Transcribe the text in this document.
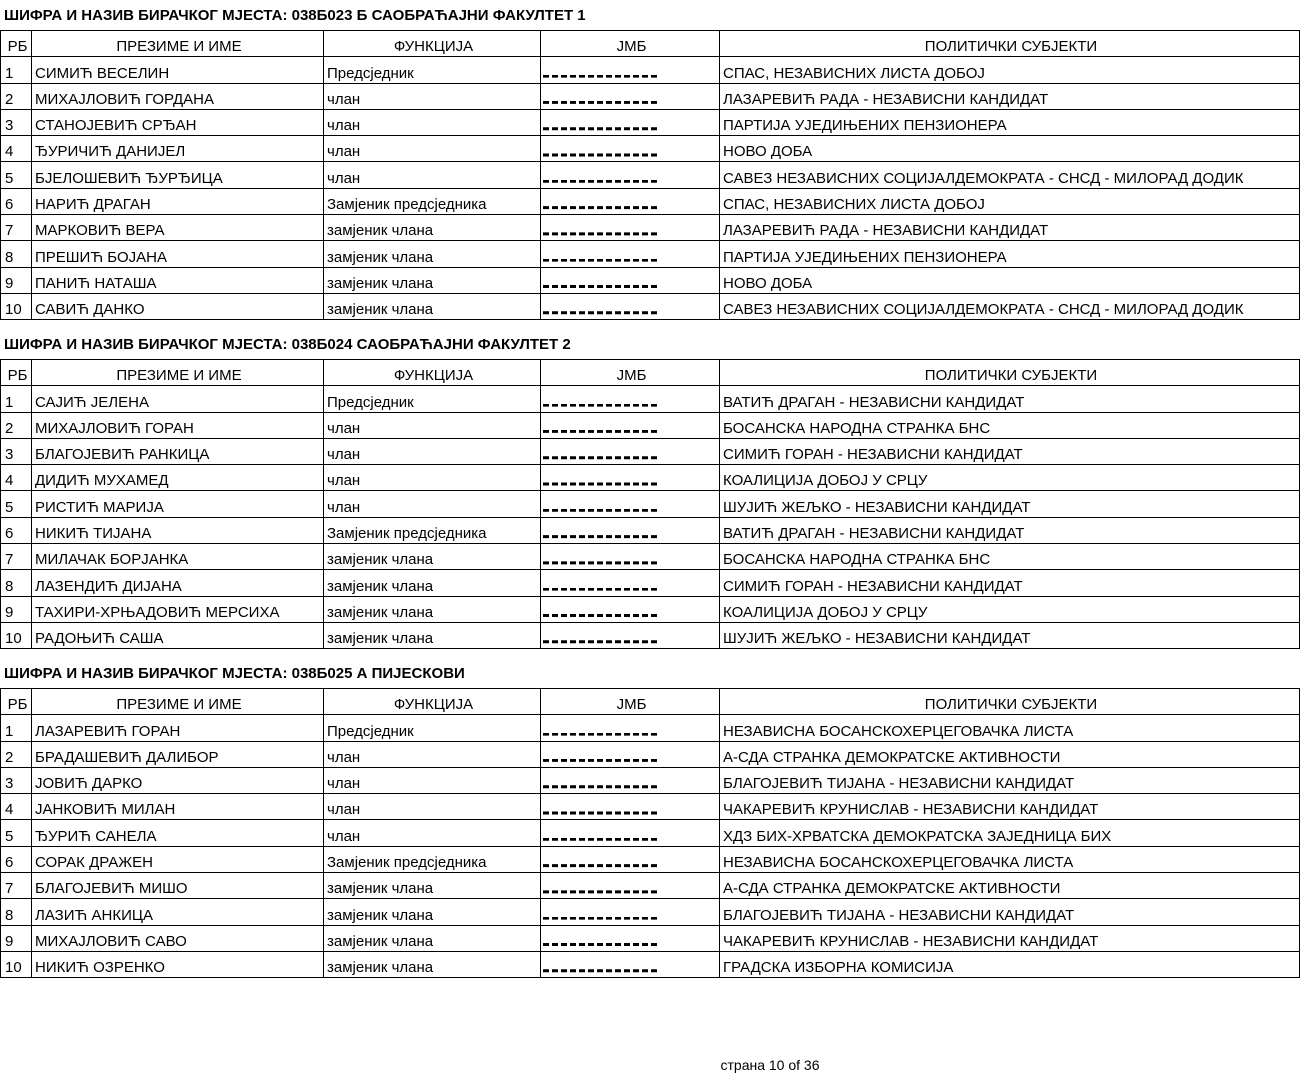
ШИФРА И НАЗИВ БИРАЧКОГ МЈЕСТА: 038Б023 Б САОБРАЋАЈНИ ФАКУЛТЕТ 1
РБ	ПРЕЗИМЕ И ИМЕ	ФУНКЦИЈА	ЈМБ	ПОЛИТИЧКИ СУБЈЕКТИ
1	СИМИЋ ВЕСЕЛИН	Предсједник		СПАС, НЕЗАВИСНИХ ЛИСТА ДОБОЈ
2	МИХАЈЛОВИЋ ГОРДАНА	члан		ЛАЗАРЕВИЋ РАДА - НЕЗАВИСНИ КАНДИДАТ
3	СТАНОЈЕВИЋ СРЂАН	члан		ПАРТИЈА УЈЕДИЊЕНИХ ПЕНЗИОНЕРА
4	ЂУРИЧИЋ ДАНИЈЕЛ	члан		НОВО ДОБА
5	БЈЕЛОШЕВИЋ ЂУРЂИЦА	члан		САВЕЗ НЕЗАВИСНИХ СОЦИЈАЛДЕМОКРАТА - СНСД - МИЛОРАД ДОДИК
6	НАРИЋ ДРАГАН	Замјеник предсједника		СПАС, НЕЗАВИСНИХ ЛИСТА ДОБОЈ
7	МАРКОВИЋ ВЕРА	замјеник члана		ЛАЗАРЕВИЋ РАДА - НЕЗАВИСНИ КАНДИДАТ
8	ПРЕШИЋ БОЈАНА	замјеник члана		ПАРТИЈА УЈЕДИЊЕНИХ ПЕНЗИОНЕРА
9	ПАНИЋ НАТАША	замјеник члана		НОВО ДОБА
10	САВИЋ ДАНКО	замјеник члана		САВЕЗ НЕЗАВИСНИХ СОЦИЈАЛДЕМОКРАТА - СНСД - МИЛОРАД ДОДИК
ШИФРА И НАЗИВ БИРАЧКОГ МЈЕСТА: 038Б024 САОБРАЋАЈНИ ФАКУЛТЕТ 2
РБ	ПРЕЗИМЕ И ИМЕ	ФУНКЦИЈА	ЈМБ	ПОЛИТИЧКИ СУБЈЕКТИ
1	САЈИЋ ЈЕЛЕНА	Предсједник		ВАТИЋ ДРАГАН - НЕЗАВИСНИ КАНДИДАТ
2	МИХАЈЛОВИЋ ГОРАН	члан		БОСАНСКА НАРОДНА СТРАНКА БНС
3	БЛАГОЈЕВИЋ РАНКИЦА	члан		СИМИЋ ГОРАН - НЕЗАВИСНИ КАНДИДАТ
4	ДИДИЋ МУХАМЕД	члан		КОАЛИЦИЈА ДОБОЈ У СРЦУ
5	РИСТИЋ МАРИЈА	члан		ШУЈИЋ ЖЕЉКО - НЕЗАВИСНИ КАНДИДАТ
6	НИКИЋ ТИЈАНА	Замјеник предсједника		ВАТИЋ ДРАГАН - НЕЗАВИСНИ КАНДИДАТ
7	МИЛАЧАК БОРЈАНКА	замјеник члана		БОСАНСКА НАРОДНА СТРАНКА БНС
8	ЛАЗЕНДИЋ ДИЈАНА	замјеник члана		СИМИЋ ГОРАН - НЕЗАВИСНИ КАНДИДАТ
9	ТАХИРИ-ХРЊАДОВИЋ МЕРСИХА	замјеник члана		КОАЛИЦИЈА ДОБОЈ У СРЦУ
10	РАДОЊИЋ САША	замјеник члана		ШУЈИЋ ЖЕЉКО - НЕЗАВИСНИ КАНДИДАТ
ШИФРА И НАЗИВ БИРАЧКОГ МЈЕСТА: 038Б025 А ПИЈЕСКОВИ
РБ	ПРЕЗИМЕ И ИМЕ	ФУНКЦИЈА	ЈМБ	ПОЛИТИЧКИ СУБЈЕКТИ
1	ЛАЗАРЕВИЋ ГОРАН	Предсједник		НЕЗАВИСНА БОСАНСКОХЕРЦЕГОВАЧКА ЛИСТА
2	БРАДАШЕВИЋ ДАЛИБОР	члан		А-СДА СТРАНКА ДЕМОКРАТСКЕ АКТИВНОСТИ
3	ЈОВИЋ ДАРКО	члан		БЛАГОЈЕВИЋ ТИЈАНА - НЕЗАВИСНИ КАНДИДАТ
4	ЈАНКОВИЋ МИЛАН	члан		ЧАКАРЕВИЋ КРУНИСЛАВ - НЕЗАВИСНИ КАНДИДАТ
5	ЂУРИЋ САНЕЛА	члан		ХДЗ БИХ-ХРВАТСКА ДЕМОКРАТСКА ЗАЈЕДНИЦА БИХ
6	СОРАК ДРАЖЕН	Замјеник предсједника		НЕЗАВИСНА БОСАНСКОХЕРЦЕГОВАЧКА ЛИСТА
7	БЛАГОЈЕВИЋ МИШО	замјеник члана		А-СДА СТРАНКА ДЕМОКРАТСКЕ АКТИВНОСТИ
8	ЛАЗИЋ АНКИЦА	замјеник члана		БЛАГОЈЕВИЋ ТИЈАНА - НЕЗАВИСНИ КАНДИДАТ
9	МИХАЈЛОВИЋ САВО	замјеник члана		ЧАКАРЕВИЋ КРУНИСЛАВ - НЕЗАВИСНИ КАНДИДАТ
10	НИКИЋ ОЗРЕНКО	замјеник члана		ГРАДСКА ИЗБОРНА КОМИСИЈА
страна 10 of 36
